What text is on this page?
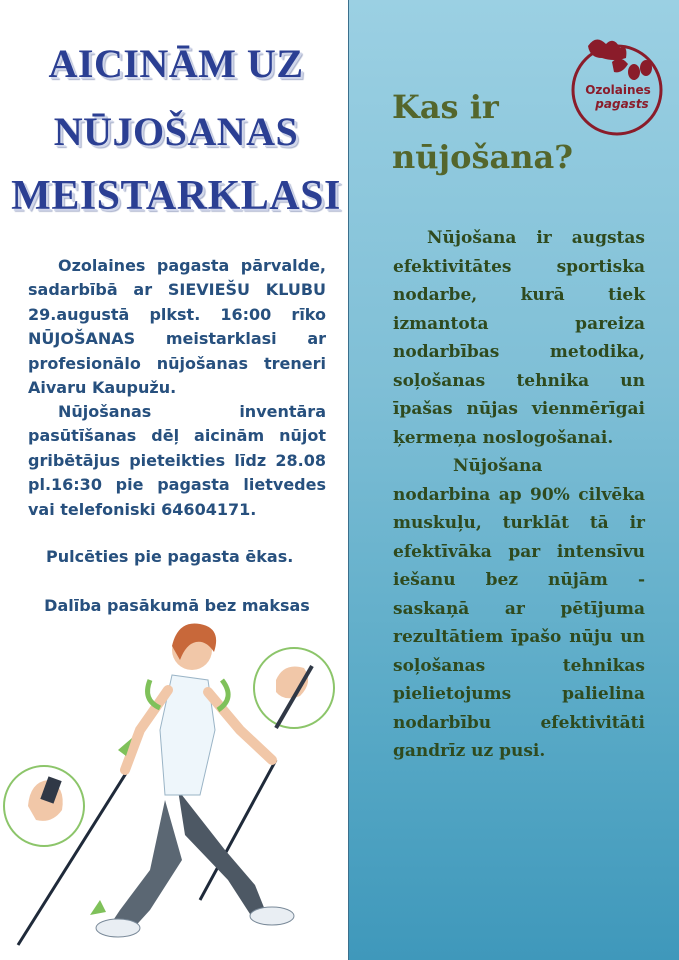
AICINĀM UZ
NŪJOŠANAS
MEISTARKLASI
Ozolaines pagasta pārvalde, sadarbībā ar SIEVIEŠU KLUBU 29.augustā plkst. 16:00 rīko NŪJOŠANAS meistarklasi ar profesionālo nūjošanas treneri Aivaru Kaupužu.
Nūjošanas inventāra pasūtīšanas dēļ aicinām nūjot gribētājus pieteikties līdz 28.08 pl.16:30 pie pagasta lietvedes vai telefoniski 64604171.
Pulcēties pie pagasta ēkas.
Dalība pasākumā bez maksas
Ozolaines
pagasts
Kas ir
nūjošana?
Nūjošana ir augstas efektivitātes sportiska nodarbe, kurā tiek izmantota pareiza nodarbības metodika, soļošanas tehnika un īpašas nūjas vienmērīgai ķermeņa noslogošanai.
Nūjošana nodarbina ap 90% cilvēka muskuļu, turklāt tā ir efektīvāka par intensīvu iešanu bez nūjām - saskaņā ar pētījuma rezultātiem īpašo nūju un soļošanas tehnikas pielietojums palielina nodarbību efektivitāti gandrīz uz pusi.
